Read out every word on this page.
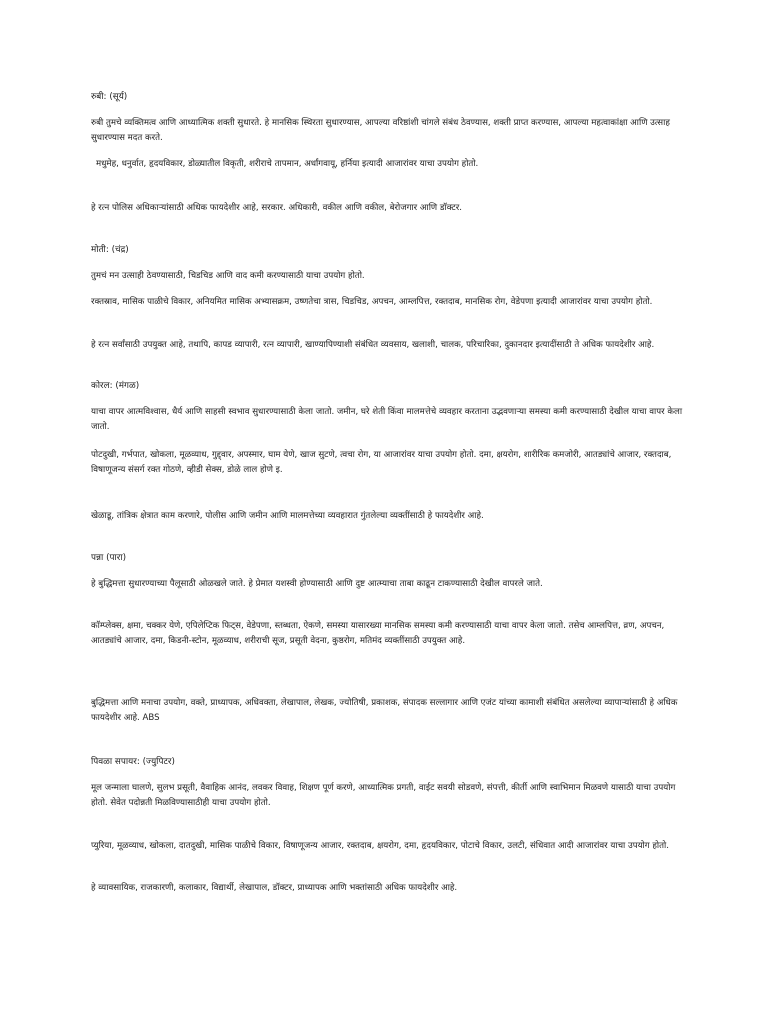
रुबी: (सूर्य)
रुबी तुमचे व्यक्तिमत्व आणि आध्यात्मिक शक्ती सुधारते. हे मानसिक स्थिरता सुधारण्यास, आपल्या वरिष्ठांशी चांगले संबंध ठेवण्यास, शक्ती प्राप्त करण्यास, आपल्या महत्वाकांक्षा आणि उत्साह सुधारण्यास मदत करते.
मधुमेह, धनुर्वात, हृदयविकार, डोळ्यातील विकृती, शरीराचे तापमान, अर्धांगवायू, हर्निया इत्यादी आजारांवर याचा उपयोग होतो.
हे रत्न पोलिस अधिकाऱ्यांसाठी अधिक फायदेशीर आहे, सरकार. अधिकारी, वकील आणि वकील, बेरोजगार आणि डॉक्टर.
मोती: (चंद्र)
तुमचं मन उत्साही ठेवण्यासाठी, चिडचिड आणि वाद कमी करण्यासाठी याचा उपयोग होतो.
रक्तस्राव, मासिक पाळीचे विकार, अनियमित मासिक अभ्यासक्रम, उष्णतेचा त्रास, चिडचिड, अपचन, आम्लपित्त, रक्तदाब, मानसिक रोग, वेडेपणा इत्यादी आजारांवर याचा उपयोग होतो.
हे रत्न सर्वांसाठी उपयुक्त आहे, तथापि, कापड व्यापारी, रत्न व्यापारी, खाण्यापिण्याशी संबंधित व्यवसाय, खलाशी, चालक, परिचारिका, दुकानदार इत्यादींसाठी ते अधिक फायदेशीर आहे.
कोरल: (मंगळ)
याचा वापर आत्मविश्वास, धैर्य आणि साहसी स्वभाव सुधारण्यासाठी केला जातो. जमीन, घरे शेती किंवा मालमत्तेचे व्यवहार करताना उद्भवणाऱ्या समस्या कमी करण्यासाठी देखील याचा वापर केला जातो.
पोटदुखी, गर्भपात, खोकला, मूळव्याध, गुद्द्वार, अपस्मार, घाम येणे, खाज सुटणे, त्वचा रोग, या आजारांवर याचा उपयोग होतो. दमा, क्षयरोग, शारीरिक कमजोरी, आतड्यांचे आजार, रक्तदाब, विषाणूजन्य संसर्ग रक्त गोठणे, व्हीडी सेक्स, डोळे लाल होणे इ.
खेळाडू, तांत्रिक क्षेत्रात काम करणारे, पोलीस आणि जमीन आणि मालमत्तेच्या व्यवहारात गुंतलेल्या व्यक्तींसाठी हे फायदेशीर आहे.
पन्ना (पारा)
हे बुद्धिमत्ता सुधारण्याच्या पैलूसाठी ओळखले जाते. हे प्रेमात यशस्वी होण्यासाठी आणि दुष्ट आत्म्याचा ताबा काढून टाकण्यासाठी देखील वापरले जाते.
कॉम्प्लेक्स, क्षमा, चक्कर येणे, एपिलेप्टिक फिट्स, वेडेपणा, स्तब्धता, ऐकणे, समस्या यासारख्या मानसिक समस्या कमी करण्यासाठी याचा वापर केला जातो. तसेच आम्लपित्त, व्रण, अपचन, आतड्यांचे आजार, दमा, किडनी-स्टोन, मूळव्याध, शरीराची सूज, प्रसूती वेदना, कुष्ठरोग, मतिमंद व्यक्तींसाठी उपयुक्त आहे.
बुद्धिमत्ता आणि मनाचा उपयोग, वक्ते, प्राध्यापक, अधिवक्ता, लेखापाल, लेखक, ज्योतिषी, प्रकाशक, संपादक सल्लागार आणि एजंट यांच्या कामाशी संबंधित असलेल्या व्यापाऱ्यांसाठी हे अधिक फायदेशीर आहे. ABS
पिवळा सपायर: (ज्युपिटर)
मूल जन्माला घालणे, सुलभ प्रसूती, वैवाहिक आनंद, लवकर विवाह, शिक्षण पूर्ण करणे, आध्यात्मिक प्रगती, वाईट सवयी सोडवणे, संपत्ती, कीर्ती आणि स्वाभिमान मिळवणे यासाठी याचा उपयोग होतो. सेवेत पदोन्नती मिळविण्यासाठीही याचा उपयोग होतो.
प्युरिया, मूळव्याध, खोकला, दातदुखी, मासिक पाळीचे विकार, विषाणूजन्य आजार, रक्तदाब, क्षयरोग, दमा, हृदयविकार, पोटाचे विकार, उलटी, संधिवात आदी आजारांवर याचा उपयोग होतो.
हे व्यावसायिक, राजकारणी, कलाकार, विद्यार्थी, लेखापाल, डॉक्टर, प्राध्यापक आणि भक्तांसाठी अधिक फायदेशीर आहे.
